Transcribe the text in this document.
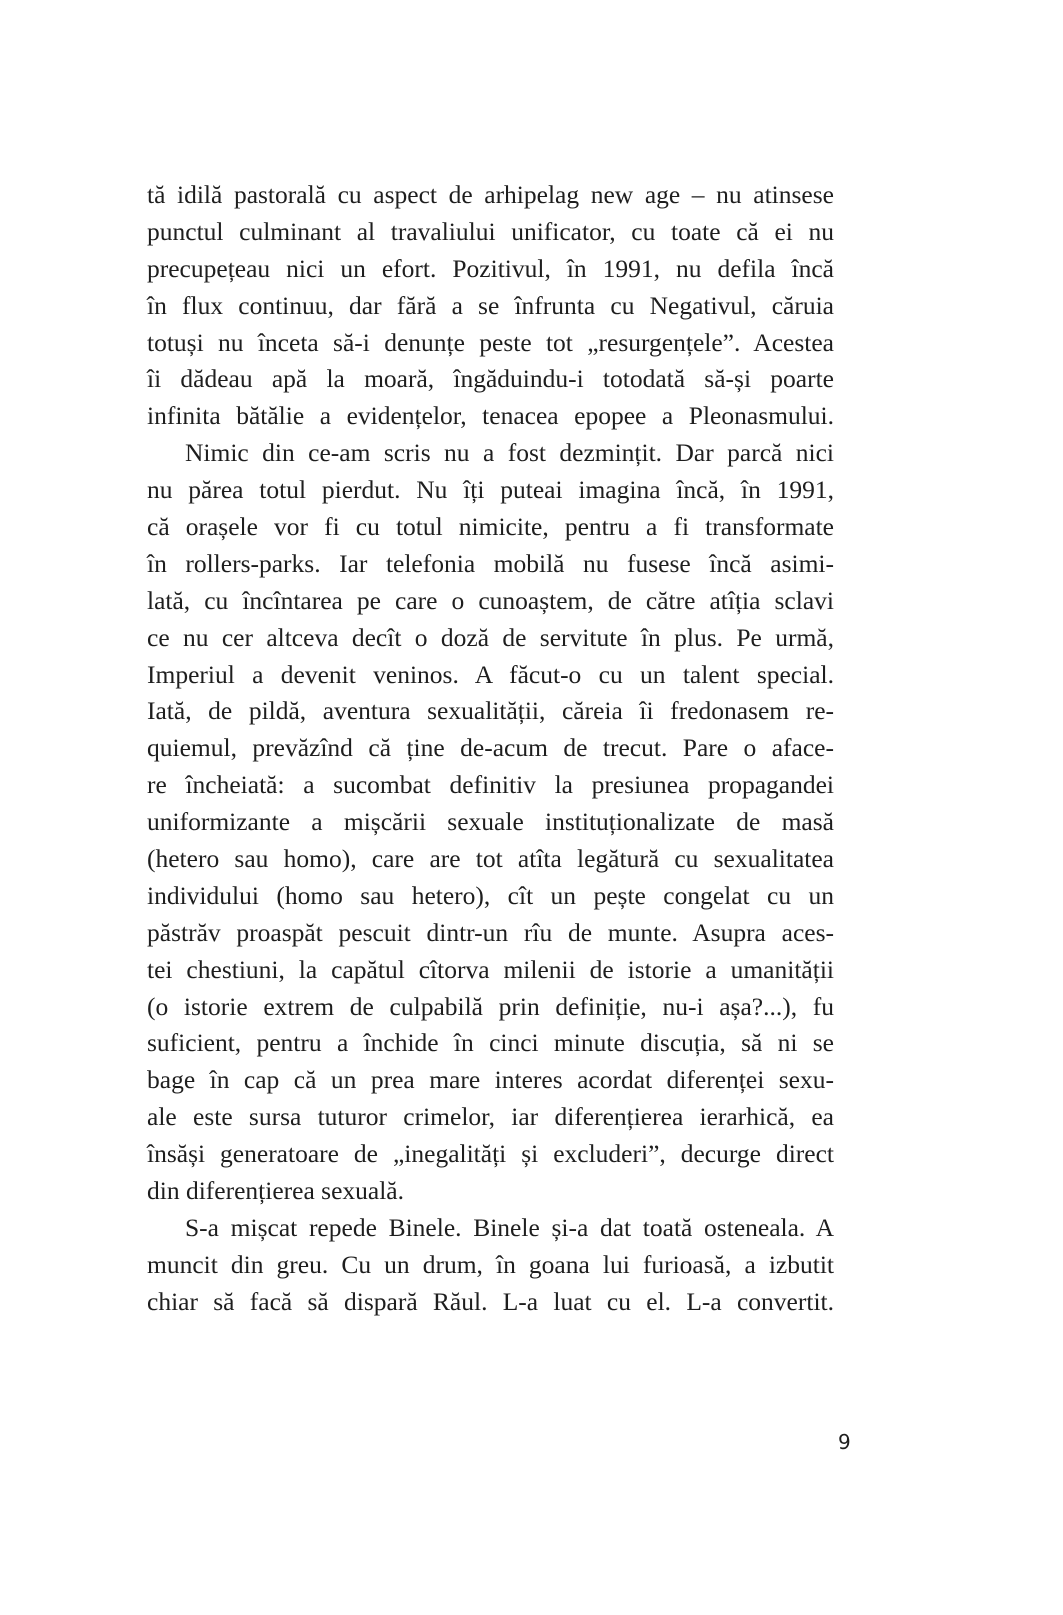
tă idilă pastorală cu aspect de arhipelag new age – nu atinsese
punctul culminant al travaliului unificator, cu toate că ei nu
precupețeau nici un efort. Pozitivul, în 1991, nu defila încă
în flux continuu, dar fără a se înfrunta cu Negativul, căruia
totuși nu înceta să-i denunțe peste tot „resurgențele”. Acestea
îi dădeau apă la moară, îngăduindu-i totodată să-și poarte
infinita bătălie a evidențelor, tenacea epopee a Pleonasmului.
Nimic din ce-am scris nu a fost dezmințit. Dar parcă nici
nu părea totul pierdut. Nu îți puteai imagina încă, în 1991,
că orașele vor fi cu totul nimicite, pentru a fi transformate
în rollers-parks. Iar telefonia mobilă nu fusese încă asimi-
lată, cu încîntarea pe care o cunoaștem, de către atîția sclavi
ce nu cer altceva decît o doză de servitute în plus. Pe urmă,
Imperiul a devenit veninos. A făcut-o cu un talent special.
Iată, de pildă, aventura sexualității, căreia îi fredonasem re-
quiemul, prevăzînd că ține de-acum de trecut. Pare o aface-
re încheiată: a sucombat definitiv la presiunea propagandei
uniformizante a mișcării sexuale instituționalizate de masă
(hetero sau homo), care are tot atîta legătură cu sexualitatea
individului (homo sau hetero), cît un pește congelat cu un
păstrăv proaspăt pescuit dintr-un rîu de munte. Asupra aces-
tei chestiuni, la capătul cîtorva milenii de istorie a umanității
(o istorie extrem de culpabilă prin definiție, nu-i așa?...), fu
suficient, pentru a închide în cinci minute discuția, să ni se
bage în cap că un prea mare interes acordat diferenței sexu-
ale este sursa tuturor crimelor, iar diferențierea ierarhică, ea
însăși generatoare de „inegalități și excluderi”, decurge direct
din diferențierea sexuală.
S-a mișcat repede Binele. Binele și-a dat toată osteneala. A
muncit din greu. Cu un drum, în goana lui furioasă, a izbutit
chiar să facă să dispară Răul. L-a luat cu el. L-a convertit.
9
